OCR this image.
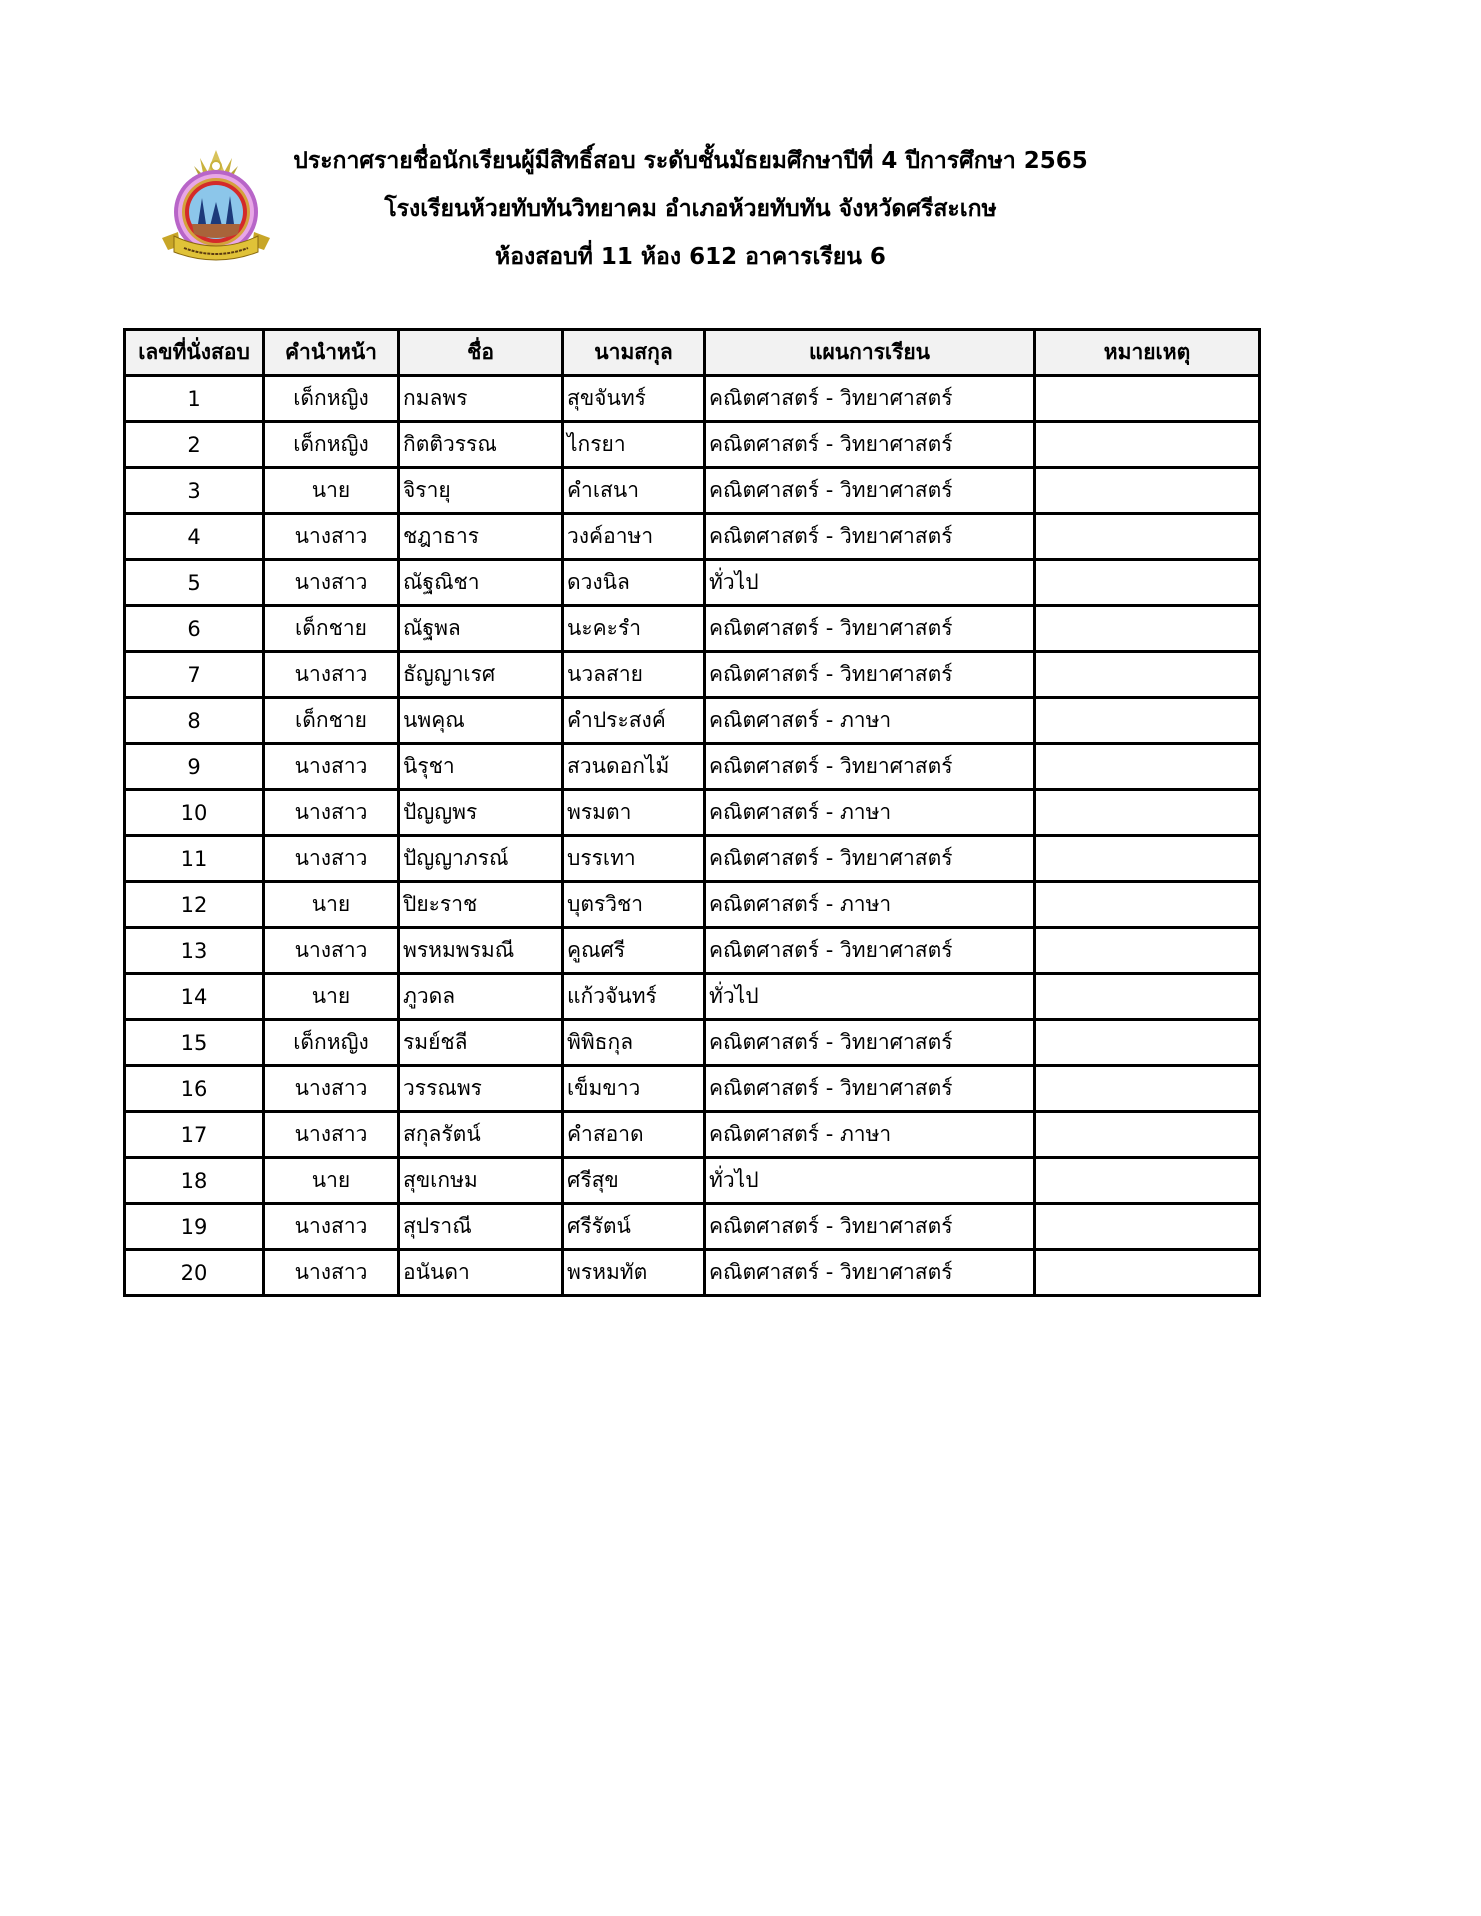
ประกาศรายชื่อนักเรียนผู้มีสิทธิ์สอบ ระดับชั้นมัธยมศึกษาปีที่ 4 ปีการศึกษา 2565
โรงเรียนห้วยทับทันวิทยาคม อำเภอห้วยทับทัน จังหวัดศรีสะเกษ
ห้องสอบที่ 11 ห้อง 612 อาคารเรียน 6
เลขที่นั่งสอบ	คำนำหน้า	ชื่อ	นามสกุล	แผนการเรียน	หมายเหตุ
1	เด็กหญิง	กมลพร	สุขจันทร์	คณิตศาสตร์ - วิทยาศาสตร์	
2	เด็กหญิง	กิตติวรรณ	ไกรยา	คณิตศาสตร์ - วิทยาศาสตร์	
3	นาย	จิรายุ	คำเสนา	คณิตศาสตร์ - วิทยาศาสตร์	
4	นางสาว	ชฎาธาร	วงค์อาษา	คณิตศาสตร์ - วิทยาศาสตร์	
5	นางสาว	ณัฐณิชา	ดวงนิล	ทั่วไป	
6	เด็กชาย	ณัฐพล	นะคะรำ	คณิตศาสตร์ - วิทยาศาสตร์	
7	นางสาว	ธัญญาเรศ	นวลสาย	คณิตศาสตร์ - วิทยาศาสตร์	
8	เด็กชาย	นพคุณ	คำประสงค์	คณิตศาสตร์ - ภาษา	
9	นางสาว	นิรุชา	สวนดอกไม้	คณิตศาสตร์ - วิทยาศาสตร์	
10	นางสาว	ปัญญพร	พรมตา	คณิตศาสตร์ - ภาษา	
11	นางสาว	ปัญญาภรณ์	บรรเทา	คณิตศาสตร์ - วิทยาศาสตร์	
12	นาย	ปิยะราช	บุตรวิชา	คณิตศาสตร์ - ภาษา	
13	นางสาว	พรหมพรมณี	คูณศรี	คณิตศาสตร์ - วิทยาศาสตร์	
14	นาย	ภูวดล	แก้วจันทร์	ทั่วไป	
15	เด็กหญิง	รมย์ชลี	พิพิธกุล	คณิตศาสตร์ - วิทยาศาสตร์	
16	นางสาว	วรรณพร	เข็มขาว	คณิตศาสตร์ - วิทยาศาสตร์	
17	นางสาว	สกุลรัตน์	คำสอาด	คณิตศาสตร์ - ภาษา	
18	นาย	สุขเกษม	ศรีสุข	ทั่วไป	
19	นางสาว	สุปราณี	ศรีรัตน์	คณิตศาสตร์ - วิทยาศาสตร์	
20	นางสาว	อนันดา	พรหมทัต	คณิตศาสตร์ - วิทยาศาสตร์	
